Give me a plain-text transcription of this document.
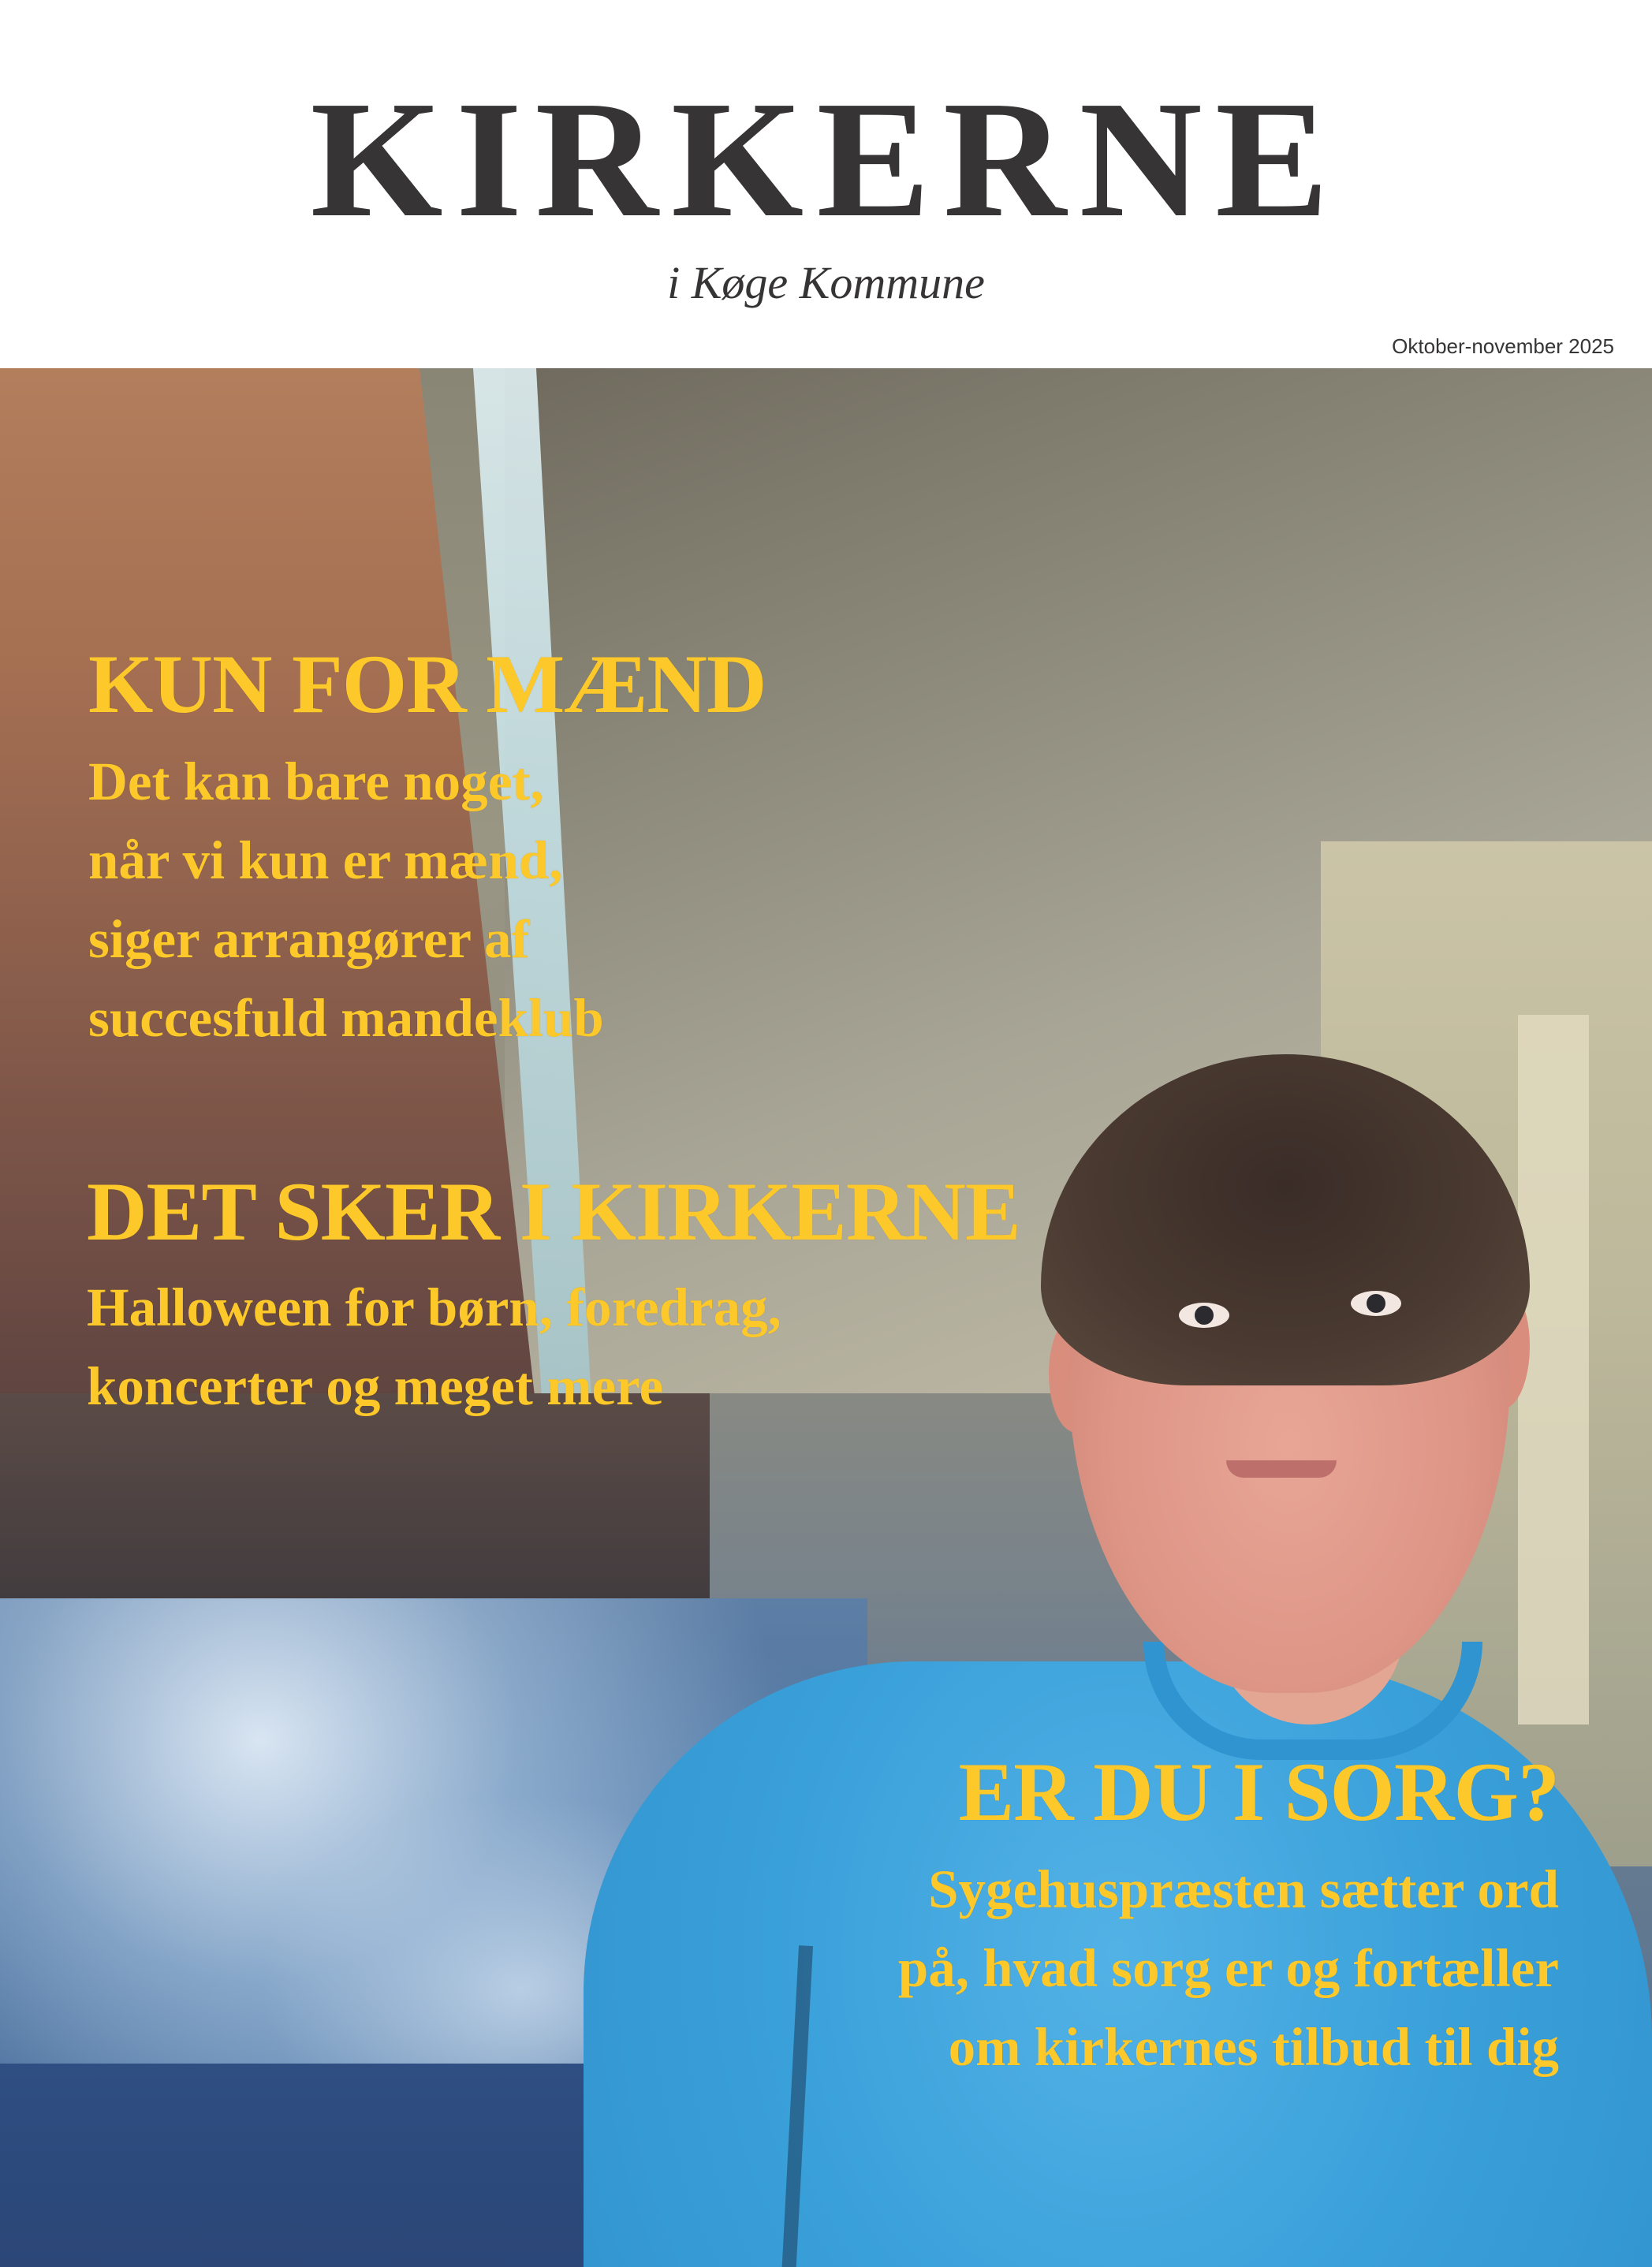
KIRKERNE
i Køge Kommune
Oktober-november 2025
KUN FOR MÆND
Det kan bare noget,
når vi kun er mænd,
siger arrangører af
succesfuld mandeklub
DET SKER I KIRKERNE
Halloween for børn, foredrag,
koncerter og meget mere
ER DU I SORG?
Sygehuspræsten sætter ord
på, hvad sorg er og fortæller
om kirkernes tilbud til dig
